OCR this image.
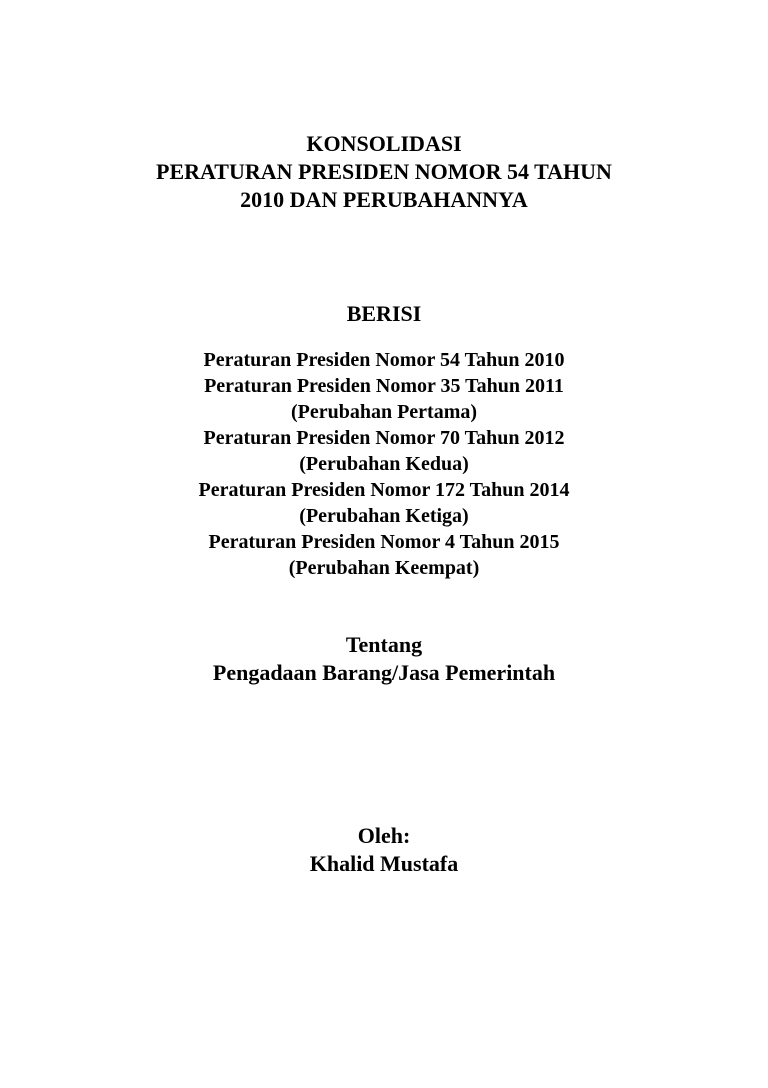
KONSOLIDASI
PERATURAN PRESIDEN NOMOR 54 TAHUN
2010 DAN PERUBAHANNYA
BERISI
Peraturan Presiden Nomor 54 Tahun 2010
Peraturan Presiden Nomor 35 Tahun 2011
(Perubahan Pertama)
Peraturan Presiden Nomor 70 Tahun 2012
(Perubahan Kedua)
Peraturan Presiden Nomor 172 Tahun 2014
(Perubahan Ketiga)
Peraturan Presiden Nomor 4 Tahun 2015
(Perubahan Keempat)
Tentang
Pengadaan Barang/Jasa Pemerintah
Oleh:
Khalid Mustafa
